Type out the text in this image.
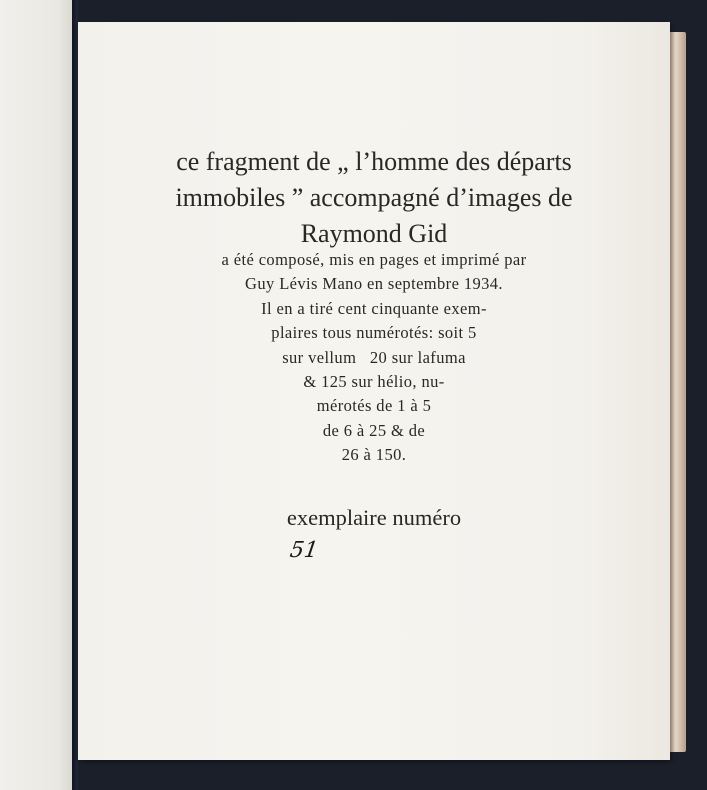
ce fragment de „ l’homme des départs
immobiles ” accompagné d’images de
Raymond Gid
a été composé, mis en pages et imprimé par
Guy Lévis Mano en septembre 1934.
Il en a tiré cent cinquante exem-
plaires tous numérotés: soit 5
sur vellum   20 sur lafuma
& 125 sur hélio, nu-
mérotés de 1 à 5
de 6 à 25 & de
26 à 150.
exemplaire numéro
51
